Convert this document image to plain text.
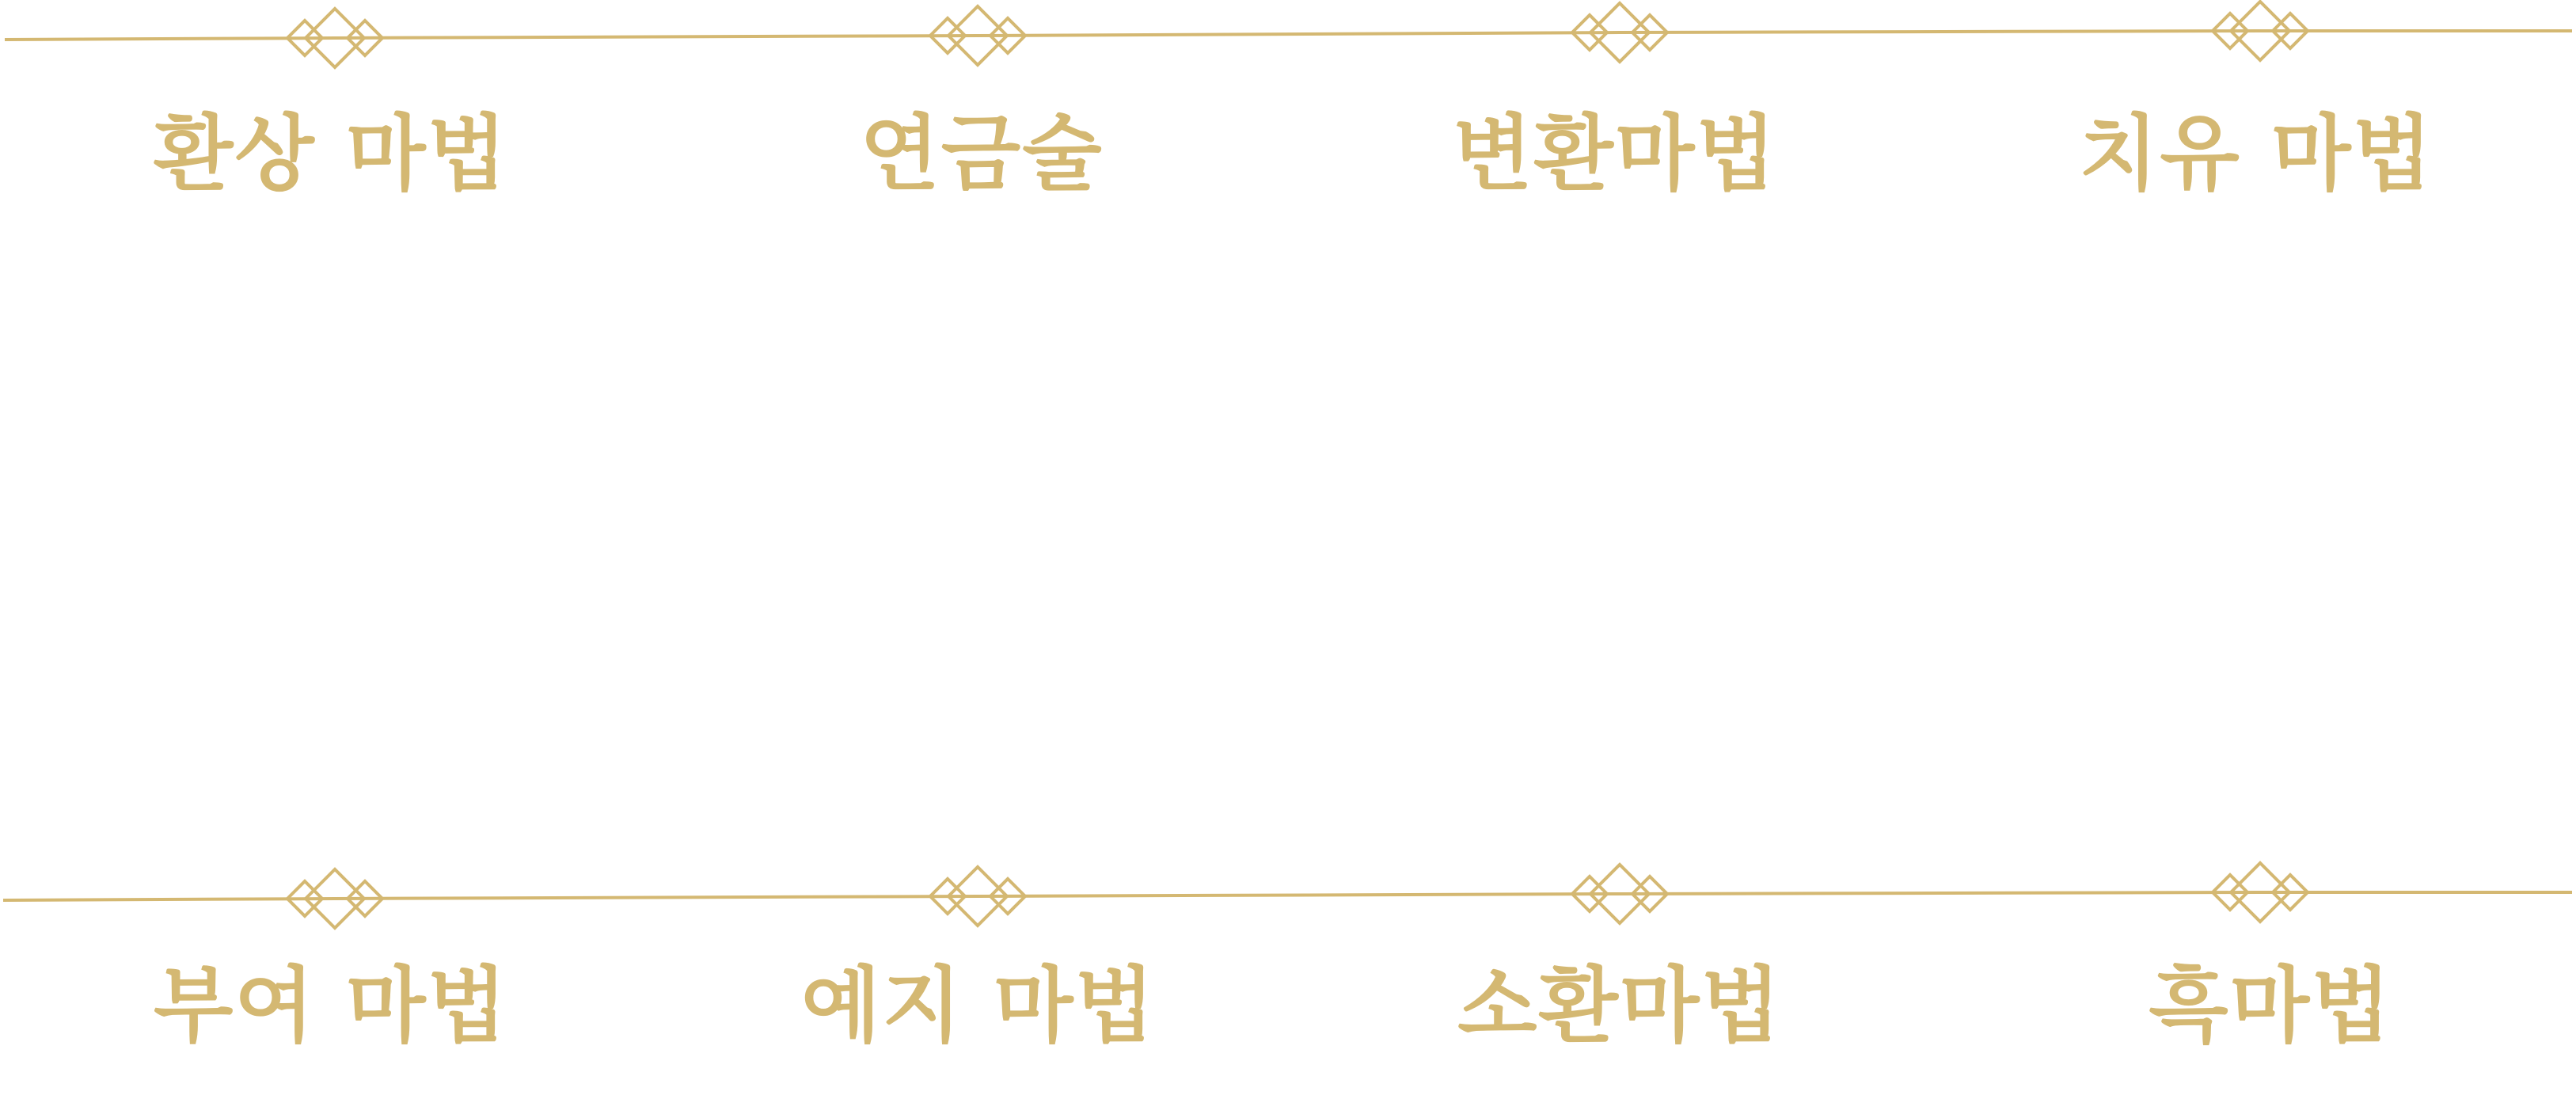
환상 마법	연금술	변환마법	치유 마법
부여 마법	예지 마법	소환마법	흑마법
